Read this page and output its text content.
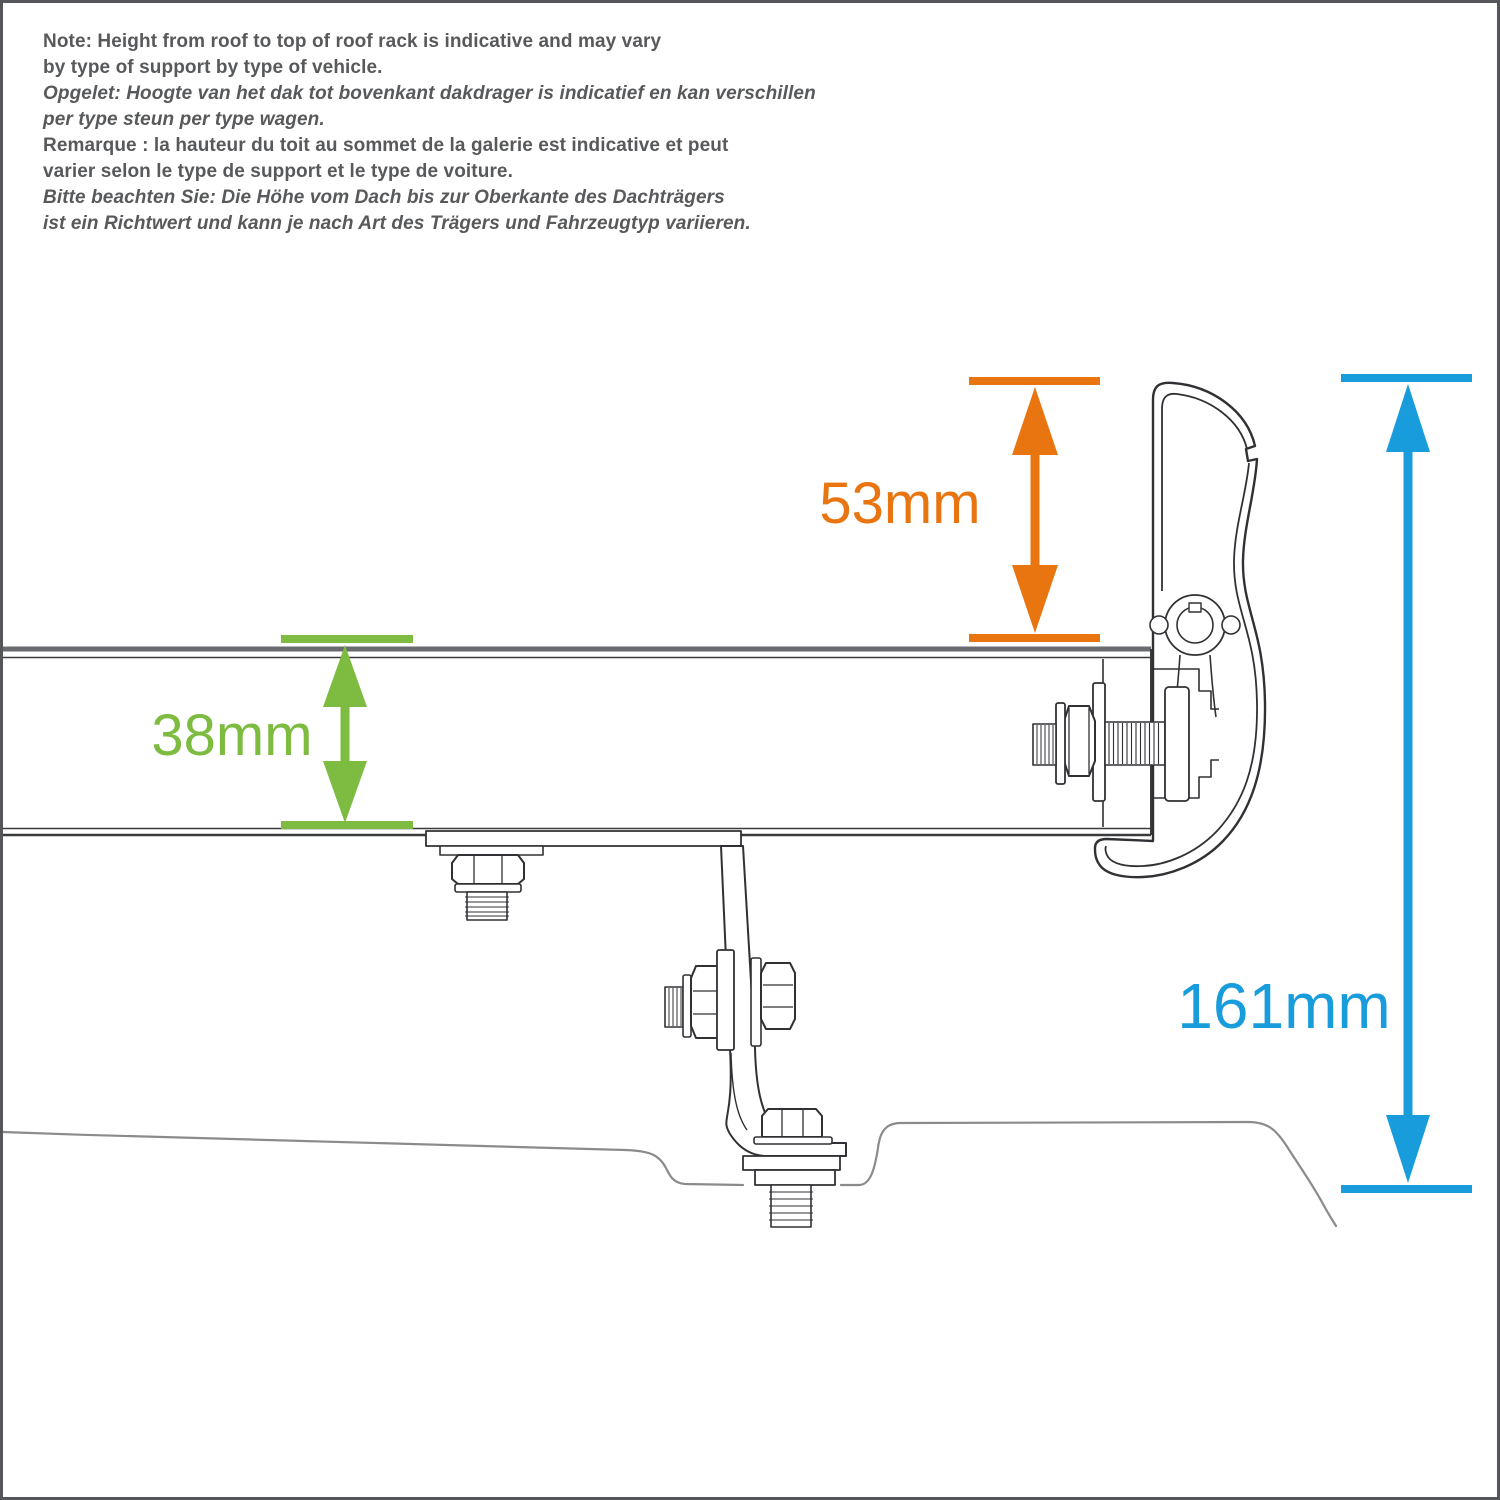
Note: Height from roof to top of roof rack is indicative and may vary
by type of support by type of vehicle.
Opgelet: Hoogte van het dak tot bovenkant dakdrager is indicatief en kan verschillen
per type steun per type wagen.
Remarque : la hauteur du toit au sommet de la galerie est indicative et peut
varier selon le type de support et le type de voiture.
Bitte beachten Sie: Die Höhe vom Dach bis zur Oberkante des Dachträgers
ist ein Richtwert und kann je nach Art des Trägers und Fahrzeugtyp variieren.
53mm
38mm
161mm
